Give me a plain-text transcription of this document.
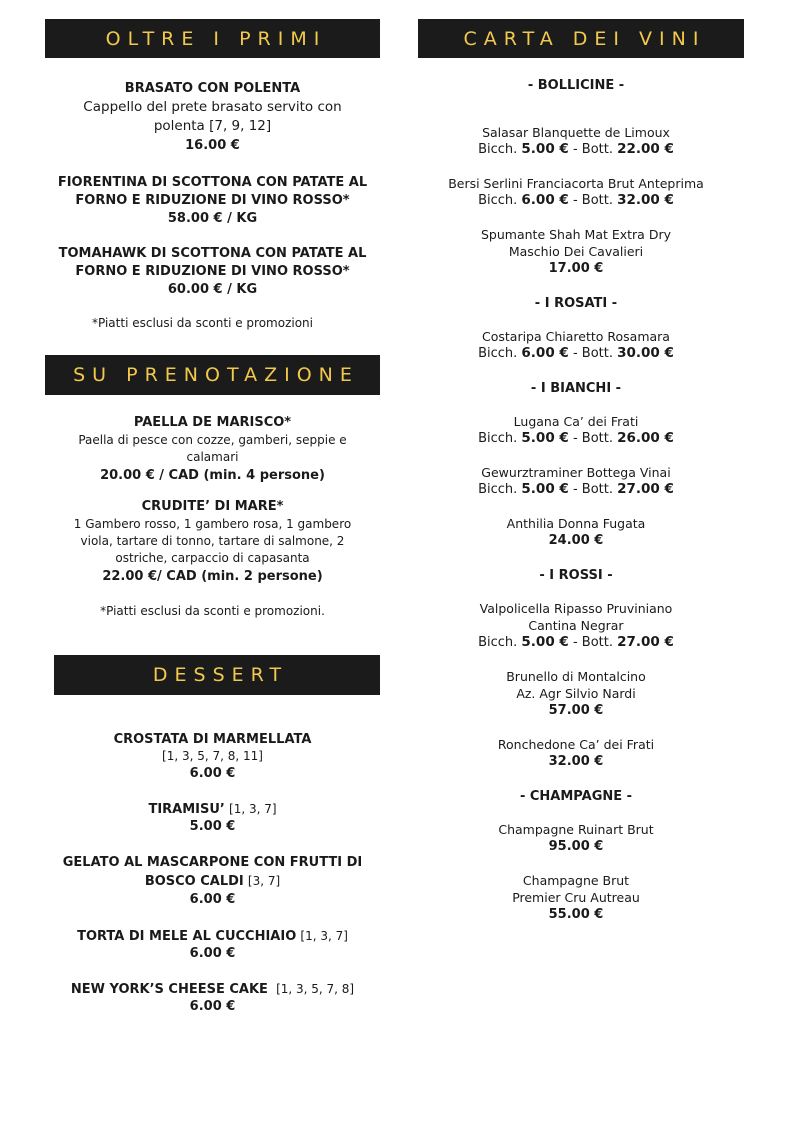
OLTRE I PRIMI
BRASATO CON POLENTA
Cappello del prete brasato servito con
polenta [7, 9, 12]
16.00 €
FIORENTINA DI SCOTTONA CON PATATE AL
FORNO E RIDUZIONE DI VINO ROSSO*
58.00 € / KG
TOMAHAWK DI SCOTTONA CON PATATE AL
FORNO E RIDUZIONE DI VINO ROSSO*
60.00 € / KG
*Piatti esclusi da sconti e promozioni
SU PRENOTAZIONE
PAELLA DE MARISCO*
Paella di pesce con cozze, gamberi, seppie e
calamari
20.00 € / CAD (min. 4 persone)
CRUDITE’ DI MARE*
1 Gambero rosso, 1 gambero rosa, 1 gambero
viola, tartare di tonno, tartare di salmone, 2
ostriche, carpaccio di capasanta
22.00 €/ CAD (min. 2 persone)
*Piatti esclusi da sconti e promozioni.
DESSERT
CROSTATA DI MARMELLATA
[1, 3, 5, 7, 8, 11]
6.00 €
TIRAMISU’ [1, 3, 7]
5.00 €
GELATO AL MASCARPONE CON FRUTTI DI
BOSCO CALDI [3, 7]
6.00 €
TORTA DI MELE AL CUCCHIAIO [1, 3, 7]
6.00 €
NEW YORK’S CHEESE CAKE [1, 3, 5, 7, 8]
6.00 €
CARTA DEI VINI
- BOLLICINE -
Salasar Blanquette de Limoux
Bicch. 5.00 € - Bott. 22.00 €
Bersi Serlini Franciacorta Brut Anteprima
Bicch. 6.00 € - Bott. 32.00 €
Spumante Shah Mat Extra Dry
Maschio Dei Cavalieri
17.00 €
- I ROSATI -
Costaripa Chiaretto Rosamara
Bicch. 6.00 € - Bott. 30.00 €
- I BIANCHI -
Lugana Ca’ dei Frati
Bicch. 5.00 € - Bott. 26.00 €
Gewurztraminer Bottega Vinai
Bicch. 5.00 € - Bott. 27.00 €
Anthilia Donna Fugata
24.00 €
- I ROSSI -
Valpolicella Ripasso Pruviniano
Cantina Negrar
Bicch. 5.00 € - Bott. 27.00 €
Brunello di Montalcino
Az. Agr Silvio Nardi
57.00 €
Ronchedone Ca’ dei Frati
32.00 €
- CHAMPAGNE -
Champagne Ruinart Brut
95.00 €
Champagne Brut
Premier Cru Autreau
55.00 €
